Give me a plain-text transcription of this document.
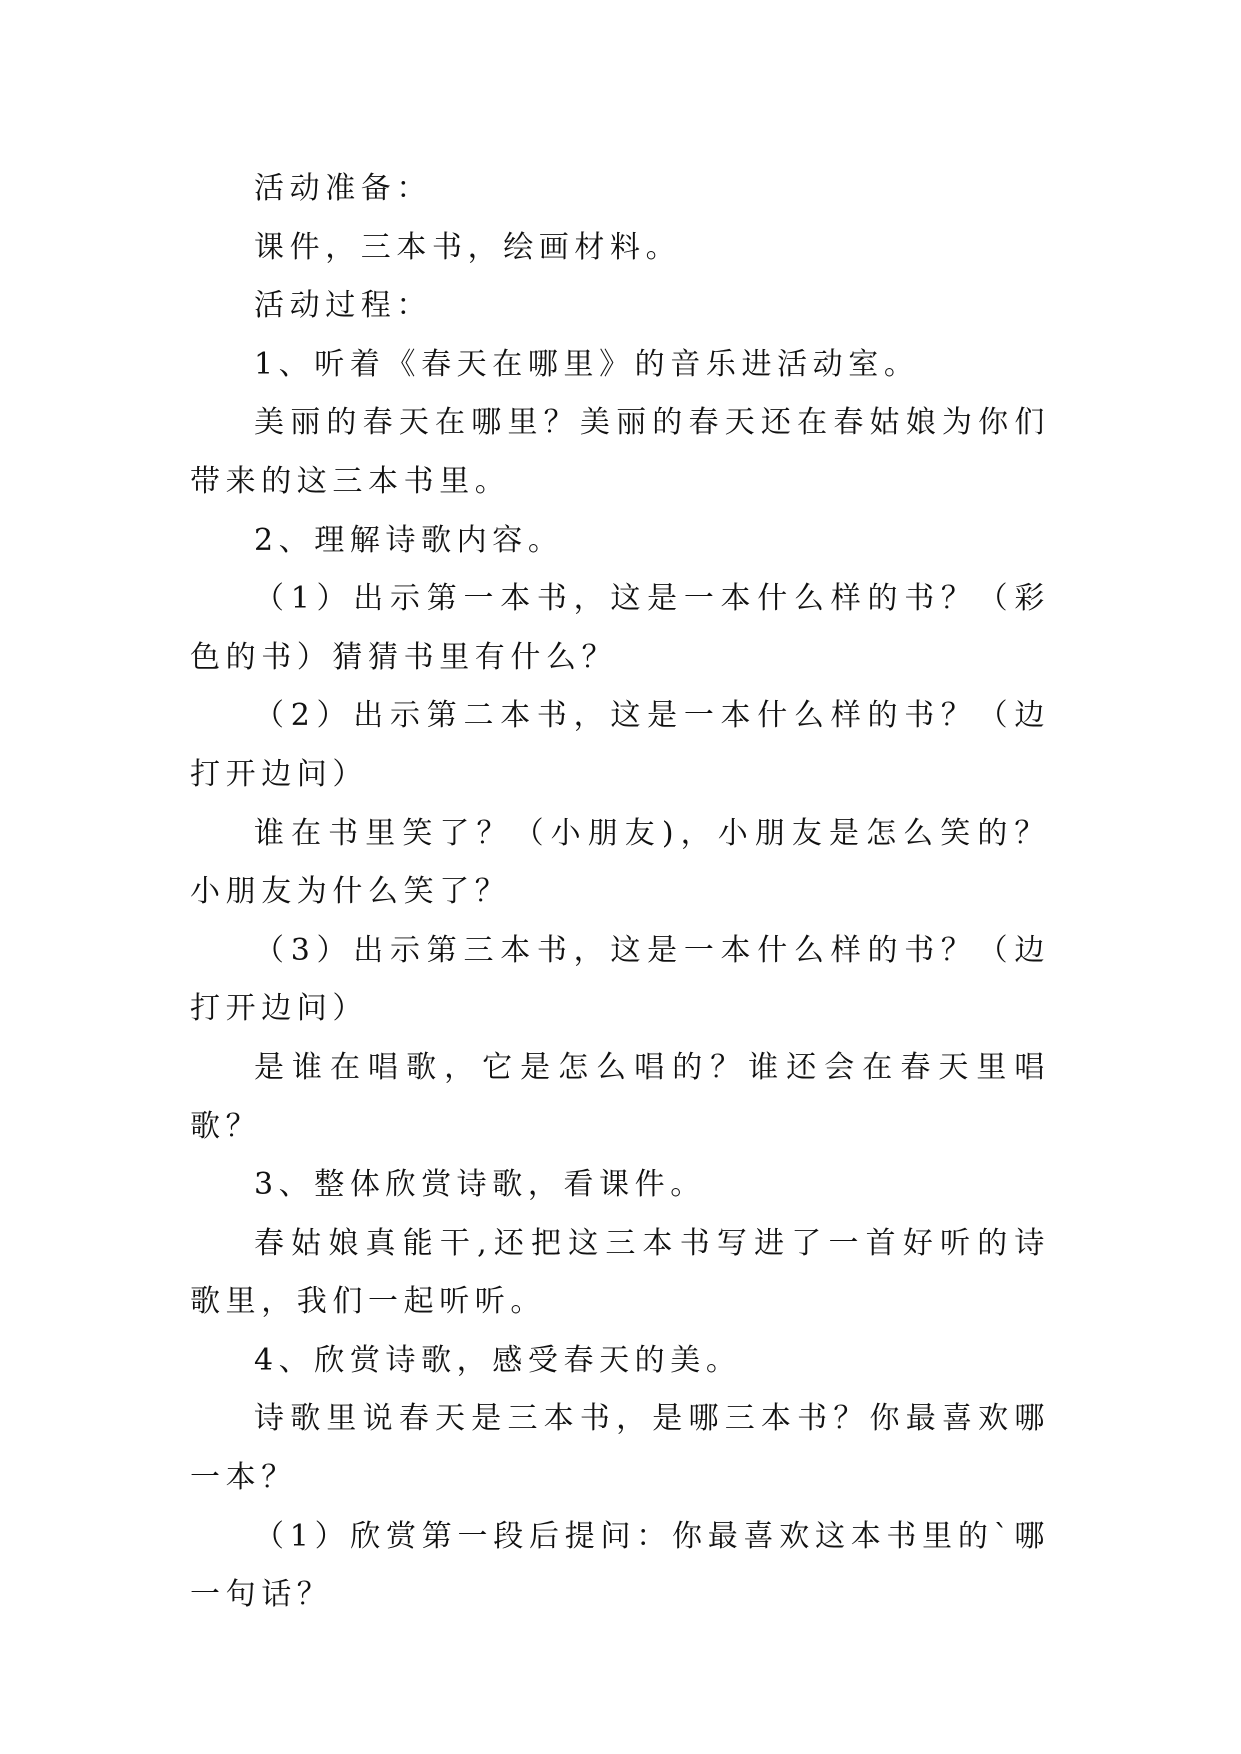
活动准备：

课件，三本书，绘画材料。

活动过程：

1、听着《春天在哪里》的音乐进活动室。

美丽的春天在哪里？美丽的春天还在春姑娘为你们带来的这三本书里。

2、理解诗歌内容。

（1）出示第一本书，这是一本什么样的书？（彩色的书）猜猜书里有什么？

（2）出示第二本书，这是一本什么样的书？（边打开边问）

谁在书里笑了？（小朋友)，小朋友是怎么笑的？小朋友为什么笑了？

（3）出示第三本书，这是一本什么样的书？（边打开边问）

是谁在唱歌，它是怎么唱的？谁还会在春天里唱歌？

3、整体欣赏诗歌，看课件。

春姑娘真能干,还把这三本书写进了一首好听的诗歌里，我们一起听听。

4、欣赏诗歌，感受春天的美。

诗歌里说春天是三本书，是哪三本书？你最喜欢哪一本？

（1）欣赏第一段后提问：你最喜欢这本书里的`哪一句话？
